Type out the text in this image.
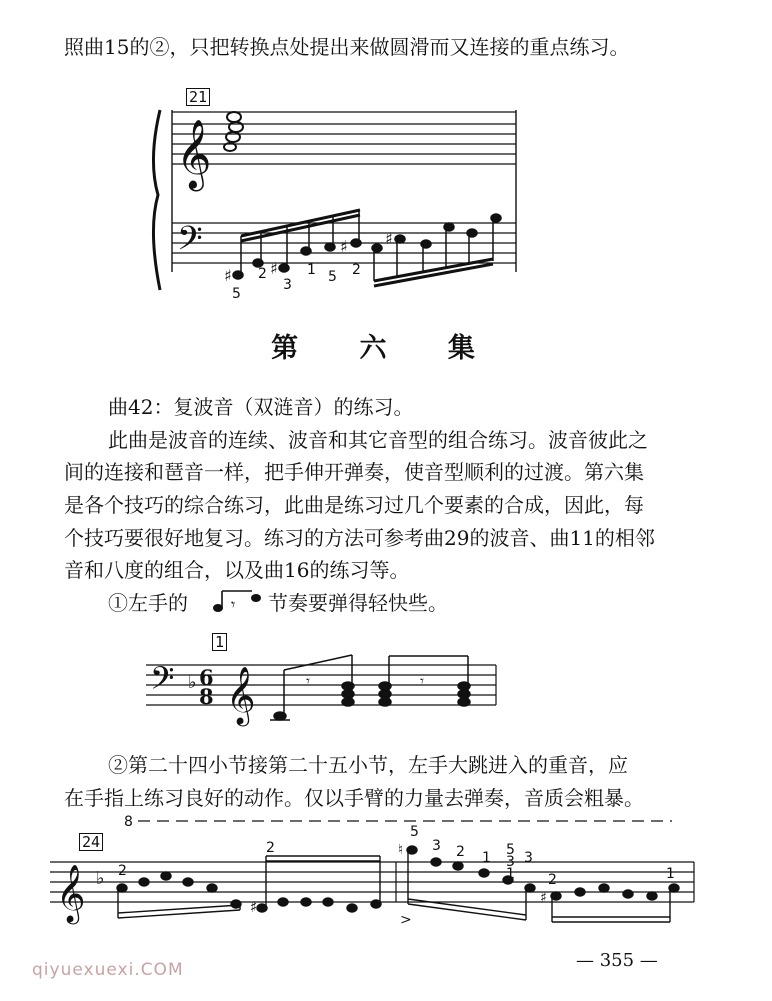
照曲15的②，只把转换点处提出来做圆滑而又连接的重点练习。
21
𝄞
𝄢
♯ ♯
♯ ♯
5
2
3
1 5 2
第 六 集
曲42：复波音（双涟音）的练习。
此曲是波音的连续、波音和其它音型的组合练习。波音彼此之
间的连接和琶音一样，把手伸开弹奏，使音型顺利的过渡。第六集
是各个技巧的综合练习，此曲是练习过几个要素的合成，因此，每
个技巧要很好地复习。练习的方法可参考曲29的波音、曲11的相邻
音和八度的组合，以及曲16的练习等。
①左手的	𝄾 节奏要弹得轻快些。
1
𝄢 ♭ 6
8 𝄞	𝄾	𝄾
②第二十四小节接第二十五小节，左手大跳进入的重音，应
在手指上练习良好的动作。仅以手臂的力量去弹奏，音质会粗暴。
24
8
𝄞 ♭
♯
♮
♯
>
2
2
5
3 2 1 5
3
1
3
2	1
— 355 —
qiyuexuexi.COM
